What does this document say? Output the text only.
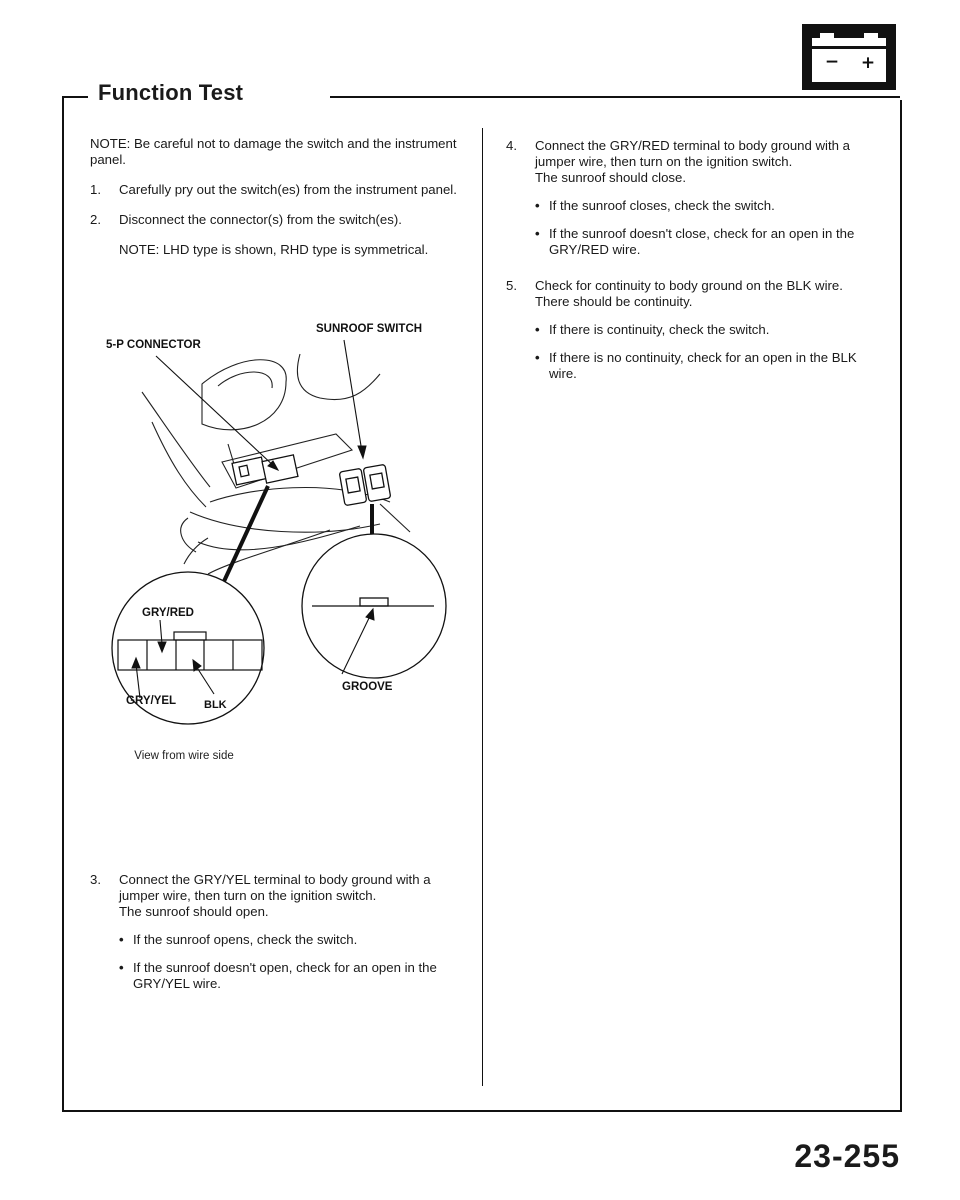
− +
Function Test

NOTE: Be careful not to damage the switch and the instrument panel.

1.	Carefully pry out the switch(es) from the instrument panel.

2.	Disconnect the connector(s) from the switch(es).

NOTE: LHD type is shown, RHD type is symmetrical.

5-P CONNECTOR
SUNROOF SWITCH
GRY/RED
GRY/YEL	BLK
GROOVE
View from wire side
3.	Connect the GRY/YEL terminal to body ground with a jumper wire, then turn on the ignition switch.

The sunroof should open.

• If the sunroof opens, check the switch.
• If the sunroof doesn't open, check for an open in the GRY/YEL wire.
4.	Connect the GRY/RED terminal to body ground with a jumper wire, then turn on the ignition switch.

The sunroof should close.

• If the sunroof closes, check the switch.
• If the sunroof doesn't close, check for an open in the GRY/RED wire.
5.	Check for continuity to body ground on the BLK wire.

There should be continuity.

• If there is continuity, check the switch.
• If there is no continuity, check for an open in the BLK wire.
23-255
